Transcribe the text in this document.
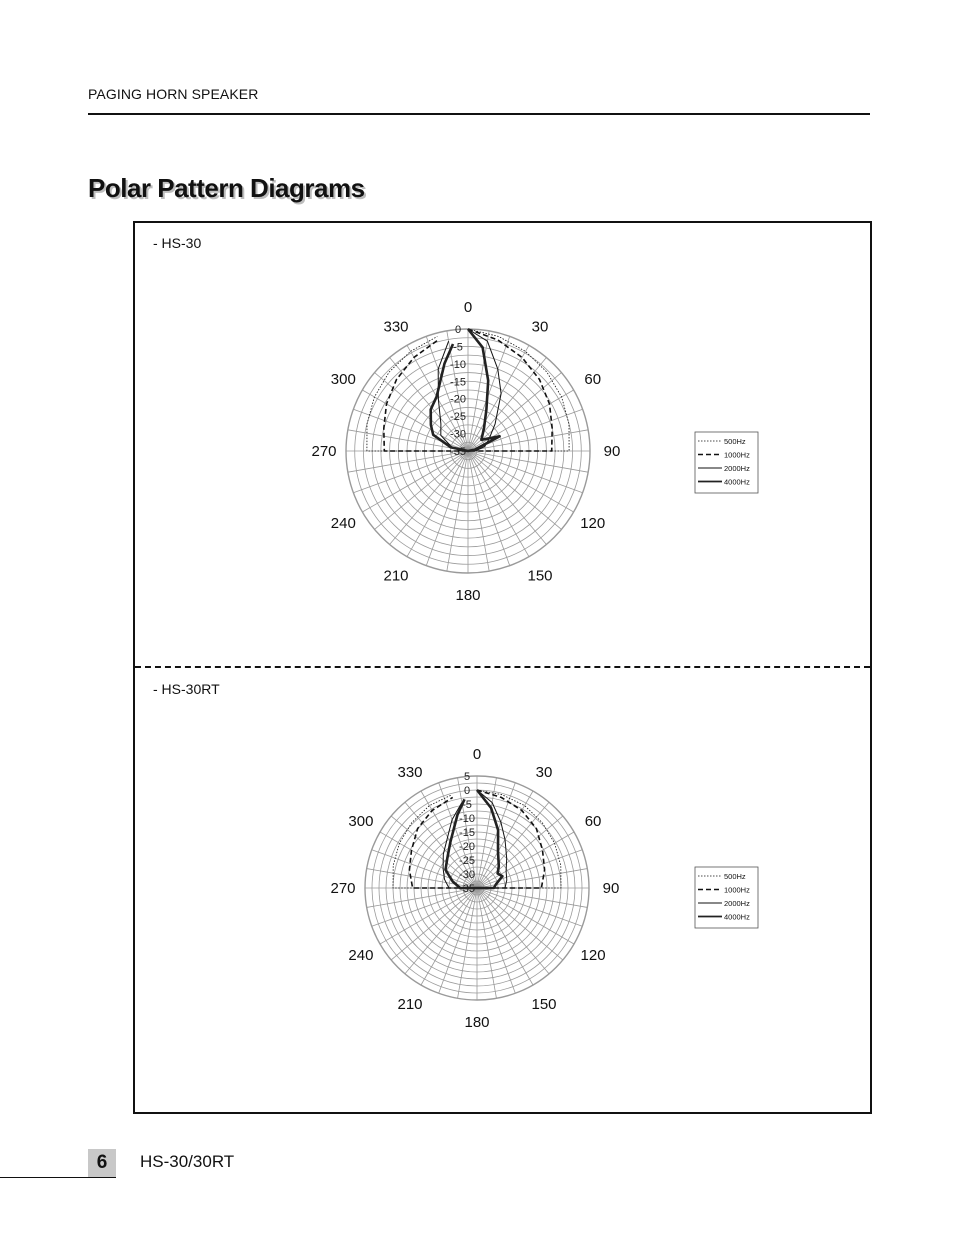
PAGING HORN SPEAKER
Polar Pattern Diagrams
- HS-30
- HS-30RT
0
30
60
90
120
150
180
210
240
270
300
330	0
-5
-10
-15
-20
-25
-30
-35
500Hz
1000Hz
2000Hz
4000Hz
0
30
60
90
120
150
180
210
240
270
300
330	5
0
-5
-10
-15
-20
-25
-30
-35
500Hz
1000Hz
2000Hz
4000Hz
6	HS-30/30RT
